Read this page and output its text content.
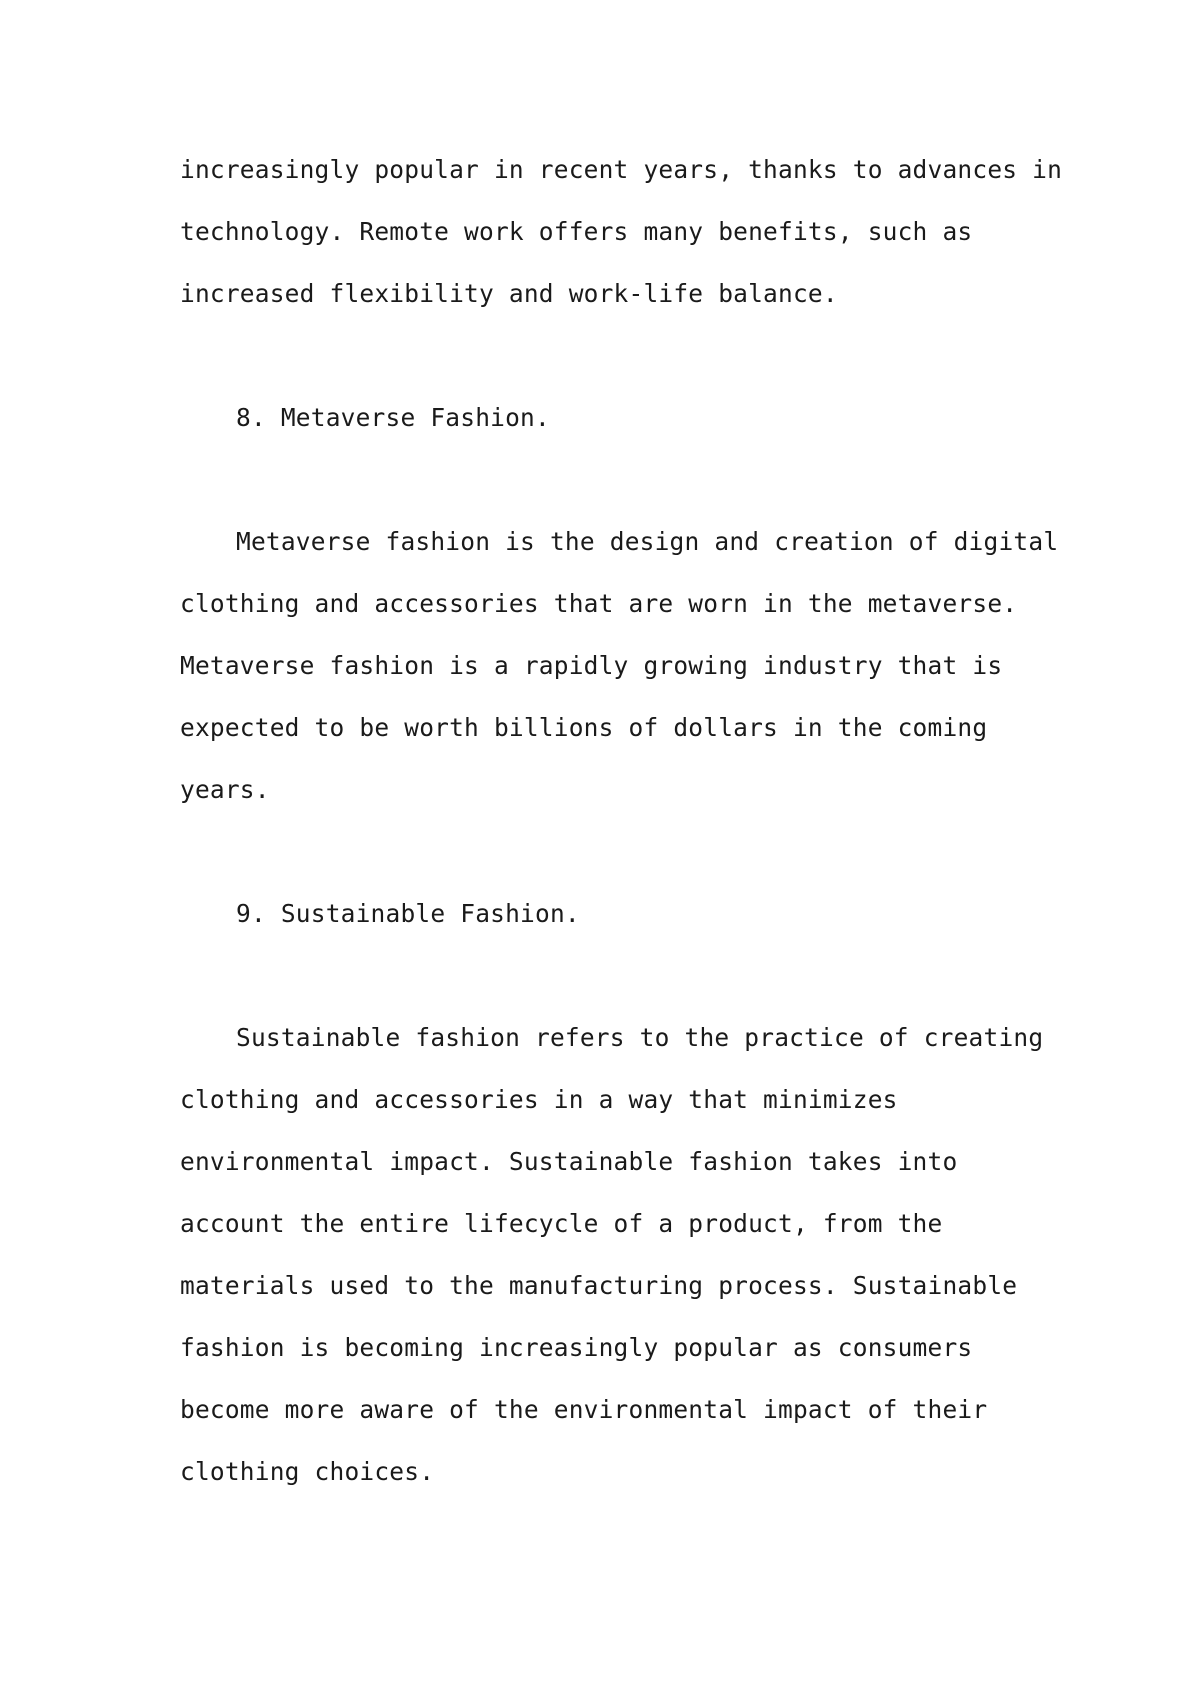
increasingly popular in recent years, thanks to advances in

technology. Remote work offers many benefits, such as

increased flexibility and work-life balance.

8. Metaverse Fashion.

Metaverse fashion is the design and creation of digital

clothing and accessories that are worn in the metaverse.

Metaverse fashion is a rapidly growing industry that is

expected to be worth billions of dollars in the coming

years.

9. Sustainable Fashion.

Sustainable fashion refers to the practice of creating

clothing and accessories in a way that minimizes

environmental impact. Sustainable fashion takes into

account the entire lifecycle of a product, from the

materials used to the manufacturing process. Sustainable

fashion is becoming increasingly popular as consumers

become more aware of the environmental impact of their

clothing choices.
